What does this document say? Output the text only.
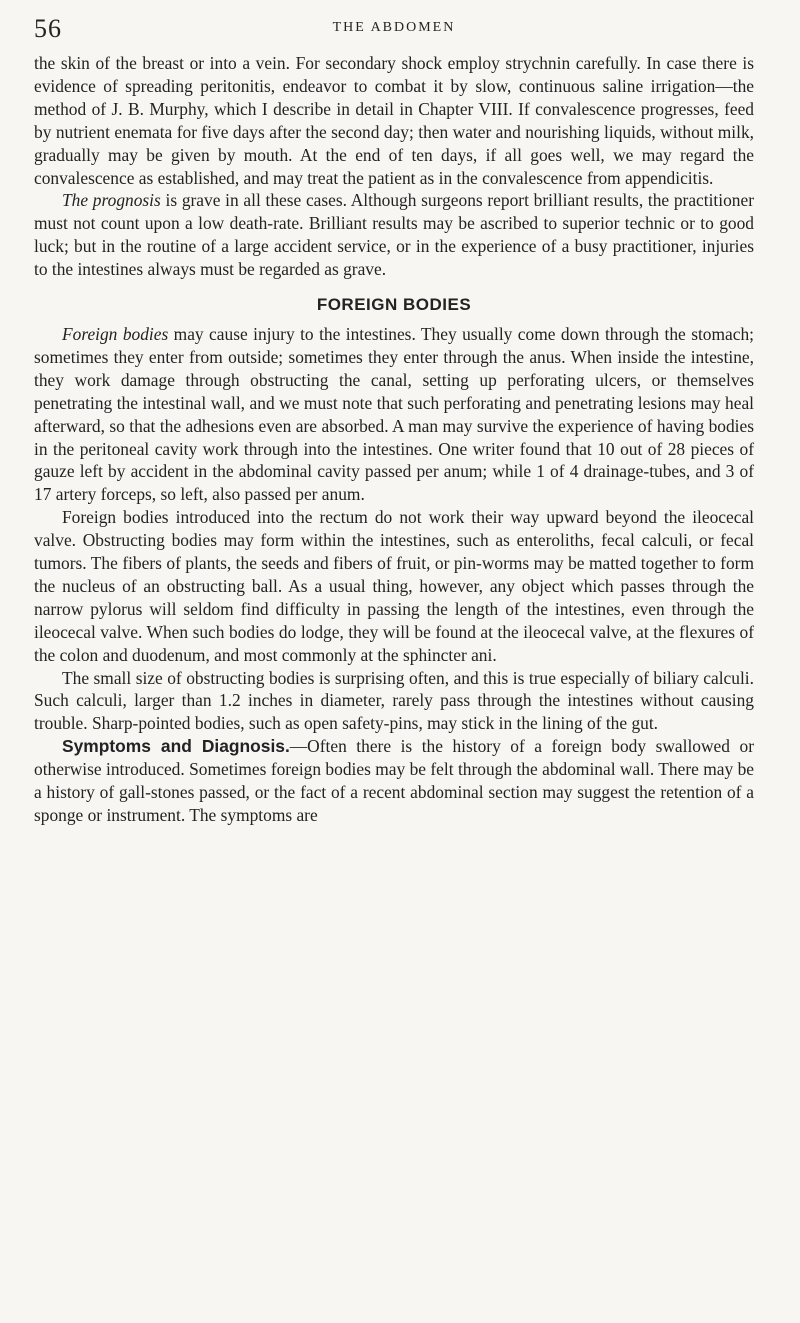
56	THE ABDOMEN

the skin of the breast or into a vein. For secondary shock employ strychnin carefully. In case there is evidence of spreading peritonitis, endeavor to combat it by slow, continuous saline irrigation—the method of J. B. Murphy, which I describe in detail in Chapter VIII. If convalescence progresses, feed by nutrient enemata for five days after the second day; then water and nourishing liquids, without milk, gradually may be given by mouth. At the end of ten days, if all goes well, we may regard the convalescence as established, and may treat the patient as in the convalescence from appendicitis.

The prognosis is grave in all these cases. Although surgeons report brilliant results, the practitioner must not count upon a low death-rate. Brilliant results may be ascribed to superior technic or to good luck; but in the routine of a large accident service, or in the experience of a busy practitioner, injuries to the intestines always must be regarded as grave.

FOREIGN BODIES

Foreign bodies may cause injury to the intestines. They usually come down through the stomach; sometimes they enter from outside; sometimes they enter through the anus. When inside the intestine, they work damage through obstructing the canal, setting up perforating ulcers, or themselves penetrating the intestinal wall, and we must note that such perforating and penetrating lesions may heal afterward, so that the adhesions even are absorbed. A man may survive the experience of having bodies in the peritoneal cavity work through into the intestines. One writer found that 10 out of 28 pieces of gauze left by accident in the abdominal cavity passed per anum; while 1 of 4 drainage-tubes, and 3 of 17 artery forceps, so left, also passed per anum.

Foreign bodies introduced into the rectum do not work their way upward beyond the ileocecal valve. Obstructing bodies may form within the intestines, such as enteroliths, fecal calculi, or fecal tumors. The fibers of plants, the seeds and fibers of fruit, or pin-worms may be matted together to form the nucleus of an obstructing ball. As a usual thing, however, any object which passes through the narrow pylorus will seldom find difficulty in passing the length of the intestines, even through the ileocecal valve. When such bodies do lodge, they will be found at the ileocecal valve, at the flexures of the colon and duodenum, and most commonly at the sphincter ani.

The small size of obstructing bodies is surprising often, and this is true especially of biliary calculi. Such calculi, larger than 1.2 inches in diameter, rarely pass through the intestines without causing trouble. Sharp-pointed bodies, such as open safety-pins, may stick in the lining of the gut.

Symptoms and Diagnosis.—Often there is the history of a foreign body swallowed or otherwise introduced. Sometimes foreign bodies may be felt through the abdominal wall. There may be a history of gall-stones passed, or the fact of a recent abdominal section may suggest the retention of a sponge or instrument. The symptoms are
